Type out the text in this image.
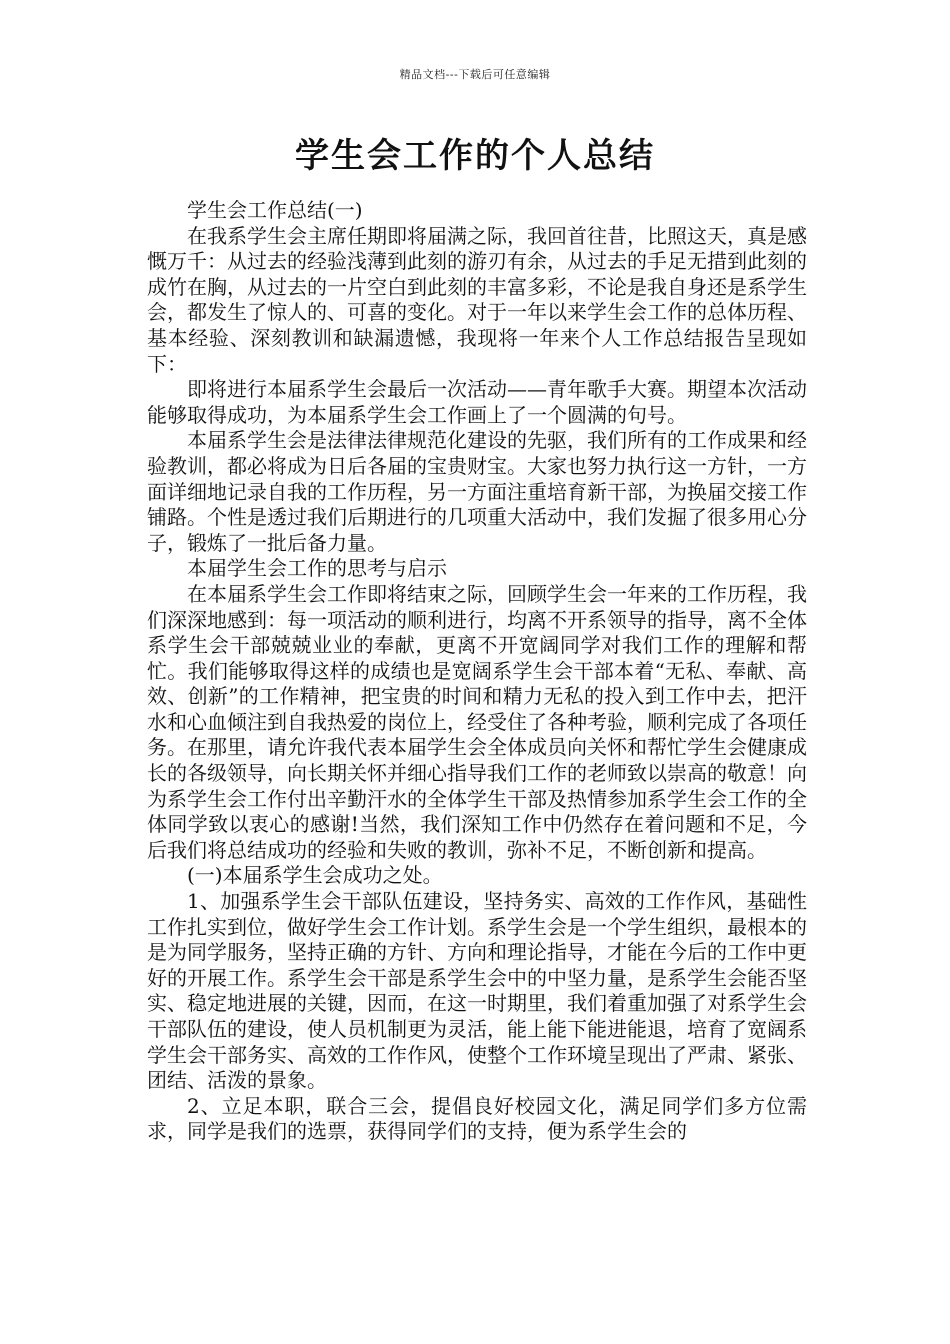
精品文档---下载后可任意编辑
学生会工作的个人总结

学生会工作总结(一)

在我系学生会主席任期即将届满之际，我回首往昔，比照这天，真是感慨万千：从过去的经验浅薄到此刻的游刃有余，从过去的手足无措到此刻的成竹在胸，从过去的一片空白到此刻的丰富多彩，不论是我自身还是系学生会，都发生了惊人的、可喜的变化。对于一年以来学生会工作的总体历程、基本经验、深刻教训和缺漏遗憾，我现将一年来个人工作总结报告呈现如下：

即将进行本届系学生会最后一次活动——青年歌手大赛。期望本次活动能够取得成功，为本届系学生会工作画上了一个圆满的句号。

本届系学生会是法律法律规范化建设的先驱，我们所有的工作成果和经验教训，都必将成为日后各届的宝贵财宝。大家也努力执行这一方针，一方面详细地记录自我的工作历程，另一方面注重培育新干部，为换届交接工作铺路。个性是透过我们后期进行的几项重大活动中，我们发掘了很多用心分子，锻炼了一批后备力量。

本届学生会工作的思考与启示

在本届系学生会工作即将结束之际，回顾学生会一年来的工作历程，我们深深地感到：每一项活动的顺利进行，均离不开系领导的指导，离不全体系学生会干部兢兢业业的奉献，更离不开宽阔同学对我们工作的理解和帮忙。我们能够取得这样的成绩也是宽阔系学生会干部本着“无私、奉献、高效、创新”的工作精神，把宝贵的时间和精力无私的投入到工作中去，把汗水和心血倾注到自我热爱的岗位上，经受住了各种考验，顺利完成了各项任务。在那里，请允许我代表本届学生会全体成员向关怀和帮忙学生会健康成长的各级领导，向长期关怀并细心指导我们工作的老师致以崇高的敬意！向为系学生会工作付出辛勤汗水的全体学生干部及热情参加系学生会工作的全体同学致以衷心的感谢!当然，我们深知工作中仍然存在着问题和不足，今后我们将总结成功的经验和失败的教训，弥补不足，不断创新和提高。

(一)本届系学生会成功之处。

1、加强系学生会干部队伍建设，坚持务实、高效的工作作风，基础性工作扎实到位，做好学生会工作计划。系学生会是一个学生组织，最根本的是为同学服务，坚持正确的方针、方向和理论指导，才能在今后的工作中更好的开展工作。系学生会干部是系学生会中的中坚力量，是系学生会能否坚实、稳定地进展的关键，因而，在这一时期里，我们着重加强了对系学生会干部队伍的建设，使人员机制更为灵活，能上能下能进能退，培育了宽阔系学生会干部务实、高效的工作作风，使整个工作环境呈现出了严肃、紧张、团结、活泼的景象。

2、立足本职，联合三会，提倡良好校园文化，满足同学们多方位需求，同学是我们的选票，获得同学们的支持，便为系学生会的
